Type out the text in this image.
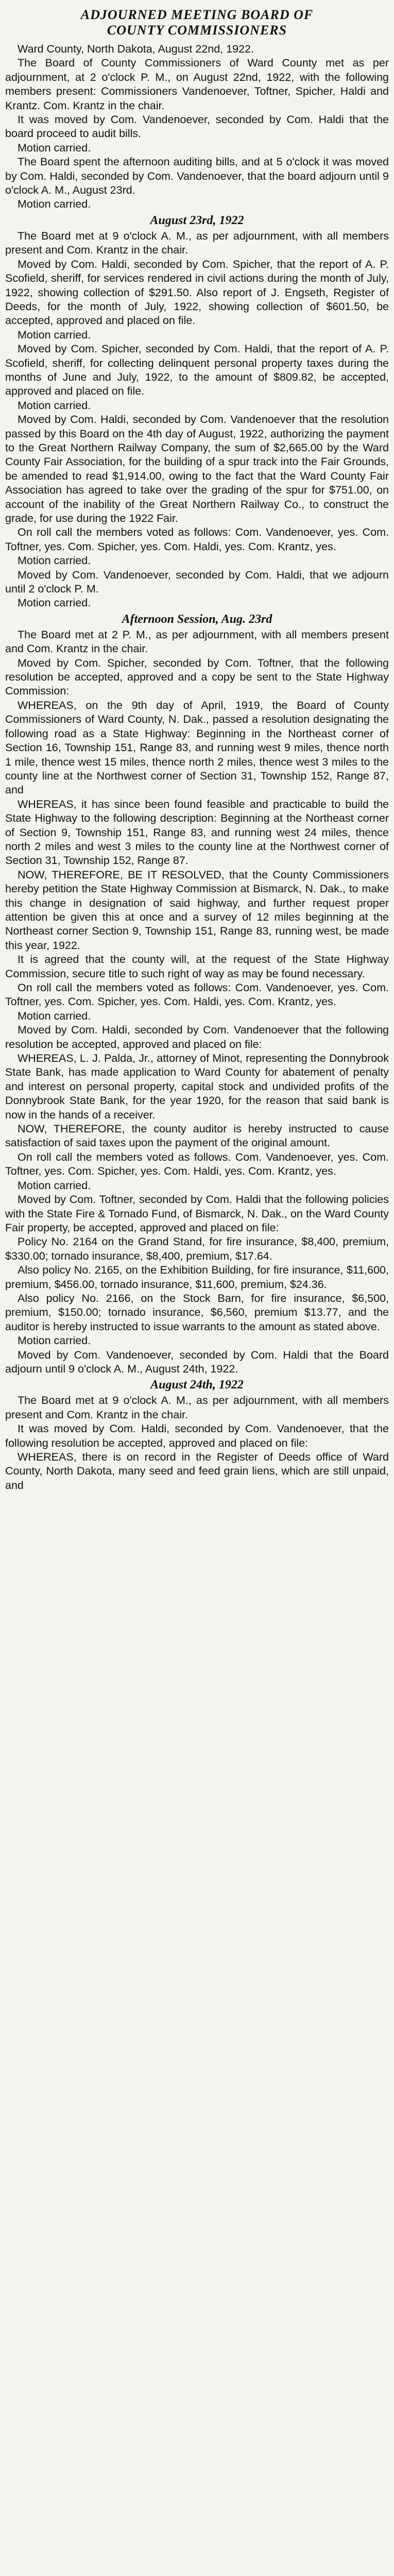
ADJOURNED MEETING BOARD OF
COUNTY COMMISSIONERS

Ward County, North Dakota, August 22nd, 1922.

The Board of County Commissioners of Ward County met as per adjournment, at 2 o'clock P. M., on August 22nd, 1922, with the following members present: Commissioners Vandenoever, Toftner, Spicher, Haldi and Krantz. Com. Krantz in the chair.

It was moved by Com. Vandenoever, seconded by Com. Haldi that the board proceed to audit bills.

Motion carried.

The Board spent the afternoon auditing bills, and at 5 o'clock it was moved by Com. Haldi, seconded by Com. Vandenoever, that the board adjourn until 9 o'clock A. M., August 23rd.

Motion carried.

August 23rd, 1922

The Board met at 9 o'clock A. M., as per adjournment, with all members present and Com. Krantz in the chair.

Moved by Com. Haldi, seconded by Com. Spicher, that the report of A. P. Scofield, sheriff, for services rendered in civil actions during the month of July, 1922, showing collection of $291.50. Also report of J. Engseth, Register of Deeds, for the month of July, 1922, showing collection of $601.50, be accepted, approved and placed on file.

Motion carried.

Moved by Com. Spicher, seconded by Com. Haldi, that the report of A. P. Scofield, sheriff, for collecting delinquent personal property taxes during the months of June and July, 1922, to the amount of $809.82, be accepted, approved and placed on file.

Motion carried.

Moved by Com. Haldi, seconded by Com. Vandenoever that the resolution passed by this Board on the 4th day of August, 1922, authorizing the payment to the Great Northern Railway Company, the sum of $2,665.00 by the Ward County Fair Association, for the building of a spur track into the Fair Grounds, be amended to read $1,914.00, owing to the fact that the Ward County Fair Association has agreed to take over the grading of the spur for $751.00, on account of the inability of the Great Northern Railway Co., to construct the grade, for use during the 1922 Fair.

On roll call the members voted as follows: Com. Vandenoever, yes. Com. Toftner, yes. Com. Spicher, yes. Com. Haldi, yes. Com. Krantz, yes.

Motion carried.

Moved by Com. Vandenoever, seconded by Com. Haldi, that we adjourn until 2 o'clock P. M.

Motion carried.

Afternoon Session, Aug. 23rd

The Board met at 2 P. M., as per adjournment, with all members present and Com. Krantz in the chair.

Moved by Com. Spicher, seconded by Com. Toftner, that the following resolution be accepted, approved and a copy be sent to the State Highway Commission:

WHEREAS, on the 9th day of April, 1919, the Board of County Commissioners of Ward County, N. Dak., passed a resolution designating the following road as a State Highway: Beginning in the Northeast corner of Section 16, Township 151, Range 83, and running west 9 miles, thence north 1 mile, thence west 15 miles, thence north 2 miles, thence west 3 miles to the county line at the Northwest corner of Section 31, Township 152, Range 87, and

WHEREAS, it has since been found feasible and practicable to build the State Highway to the following description: Beginning at the Northeast corner of Section 9, Township 151, Range 83, and running west 24 miles, thence north 2 miles and west 3 miles to the county line at the Northwest corner of Section 31, Township 152, Range 87.

NOW, THEREFORE, BE IT RESOLVED, that the County Commissioners hereby petition the State Highway Commission at Bismarck, N. Dak., to make this change in designation of said highway, and further request proper attention be given this at once and a survey of 12 miles beginning at the Northeast corner Section 9, Township 151, Range 83, running west, be made this year, 1922.

It is agreed that the county will, at the request of the State Highway Commission, secure title to such right of way as may be found necessary.

On roll call the members voted as follows: Com. Vandenoever, yes. Com. Toftner, yes. Com. Spicher, yes. Com. Haldi, yes. Com. Krantz, yes.

Motion carried.

Moved by Com. Haldi, seconded by Com. Vandenoever that the following resolution be accepted, approved and placed on file:

WHEREAS, L. J. Palda, Jr., attorney of Minot, representing the Donnybrook State Bank, has made application to Ward County for abatement of penalty and interest on personal property, capital stock and undivided profits of the Donnybrook State Bank, for the year 1920, for the reason that said bank is now in the hands of a receiver.

NOW, THEREFORE, the county auditor is hereby instructed to cause satisfaction of said taxes upon the payment of the original amount.

On roll call the members voted as follows. Com. Vandenoever, yes. Com. Toftner, yes. Com. Spicher, yes. Com. Haldi, yes. Com. Krantz, yes.

Motion carried.

Moved by Com. Toftner, seconded by Com. Haldi that the following policies with the State Fire & Tornado Fund, of Bismarck, N. Dak., on the Ward County Fair property, be accepted, approved and placed on file:

Policy No. 2164 on the Grand Stand, for fire insurance, $8,400, premium, $330.00; tornado insurance, $8,400, premium, $17.64.

Also policy No. 2165, on the Exhibition Building, for fire insurance, $11,600, premium, $456.00, tornado insurance, $11,600, premium, $24.36.

Also policy No. 2166, on the Stock Barn, for fire insurance, $6,500, premium, $150.00; tornado insurance, $6,560, premium $13.77, and the auditor is hereby instructed to issue warrants to the amount as stated above.

Motion carried.

Moved by Com. Vandenoever, seconded by Com. Haldi that the Board adjourn until 9 o'clock A. M., August 24th, 1922.

August 24th, 1922

The Board met at 9 o'clock A. M., as per adjournment, with all members present and Com. Krantz in the chair.

It was moved by Com. Haldi, seconded by Com. Vandenoever, that the following resolution be accepted, approved and placed on file:

WHEREAS, there is on record in the Register of Deeds office of Ward County, North Dakota, many seed and feed grain liens, which are still unpaid, and
